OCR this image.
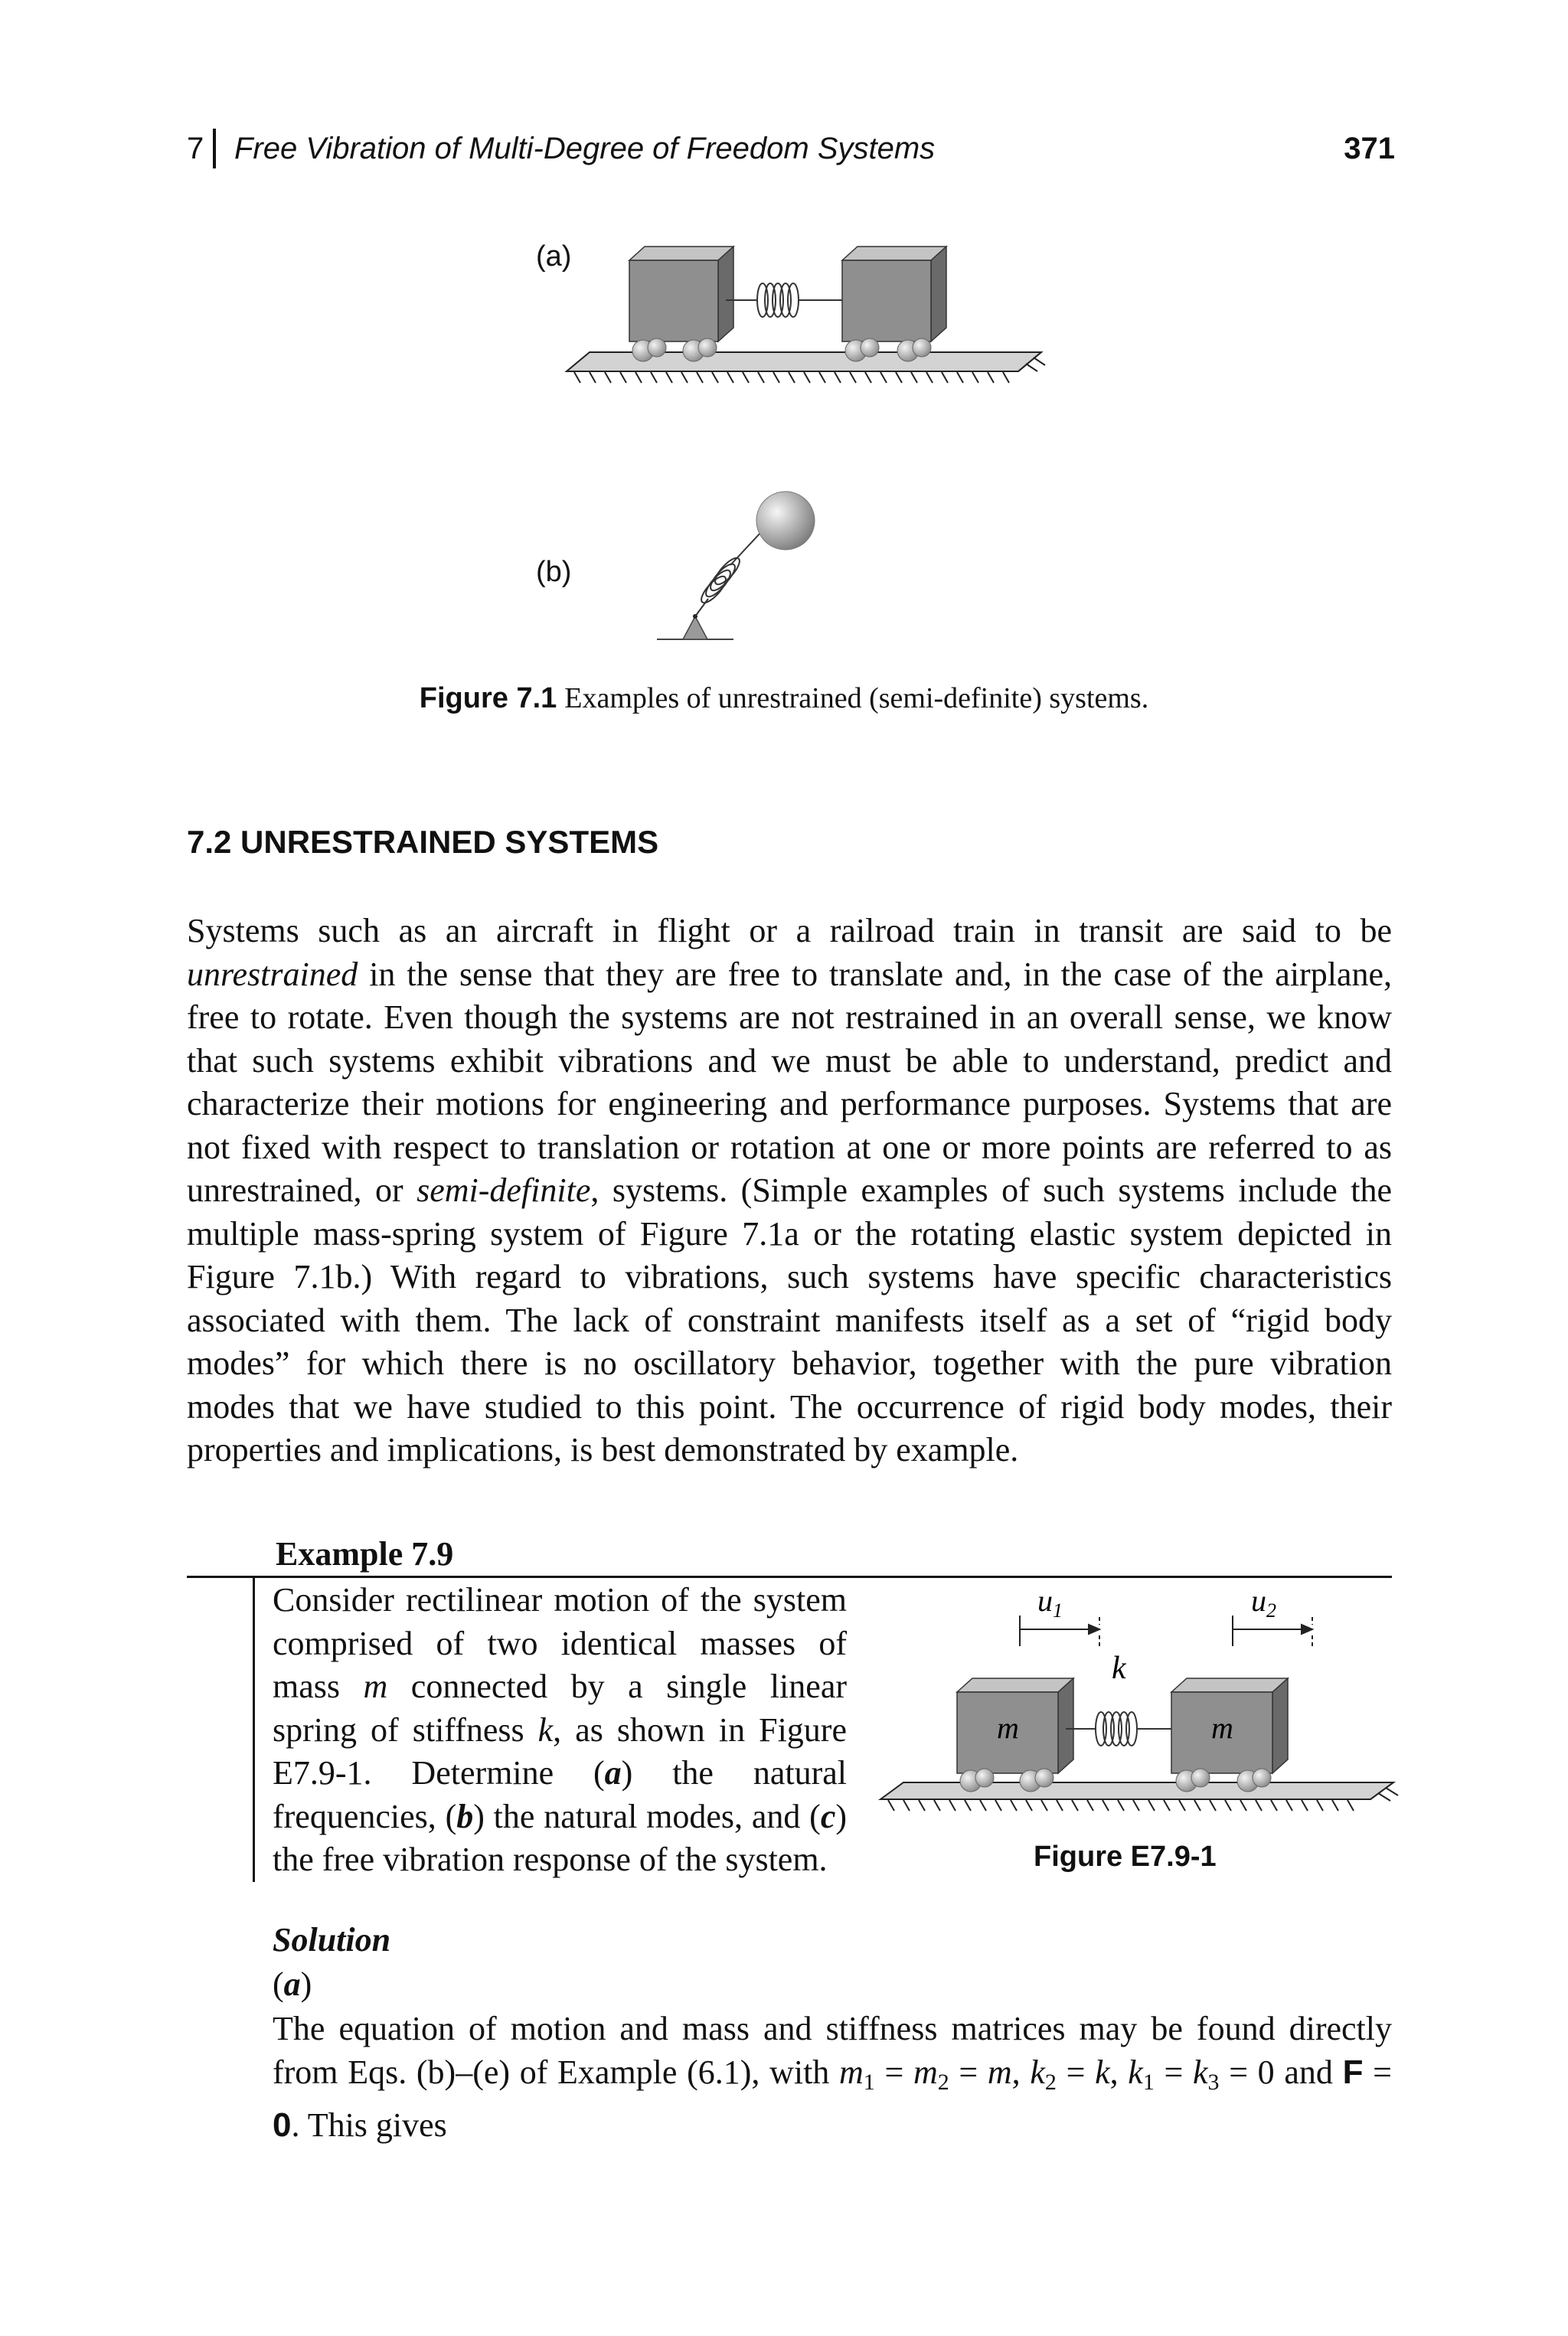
7 Free Vibration of Multi-Degree of Freedom Systems	371
(a)
(b)
Figure 7.1 Examples of unrestrained (semi-definite) systems.
7.2 UNRESTRAINED SYSTEMS

Systems such as an aircraft in flight or a railroad train in transit are said to be unrestrained in the sense that they are free to translate and, in the case of the airplane, free to rotate. Even though the systems are not restrained in an overall sense, we know that such systems exhibit vibrations and we must be able to understand, predict and characterize their motions for engineering and performance purposes. Systems that are not fixed with respect to translation or rotation at one or more points are referred to as unrestrained, or semi-definite, systems. (Simple examples of such systems include the multiple mass-spring system of Figure 7.1a or the rotating elastic system depicted in Figure 7.1b.) With regard to vibrations, such systems have specific characteristics associated with them. The lack of constraint manifests itself as a set of “rigid body modes” for which there is no oscillatory behavior, together with the pure vibration modes that we have studied to this point. The occurrence of rigid body modes, their properties and implications, is best demonstrated by example.

Example 7.9

Consider rectilinear motion of the system comprised of two identical masses of mass m connected by a single linear spring of stiffness k, as shown in Figure E7.9-1. Determine (a) the natural frequencies, (b) the natural modes, and (c) the free vibration response of the system.

$u_1$	$u_2$
k
m	m
Figure E7.9-1
Solution
(a)

The equation of motion and mass and stiffness matrices may be found directly from Eqs. (b)–(e) of Example (6.1), with $m_1 = m_2 = m$, $k_2 = k$, $k_1 = k_3 = 0$ and F = 0. This gives
